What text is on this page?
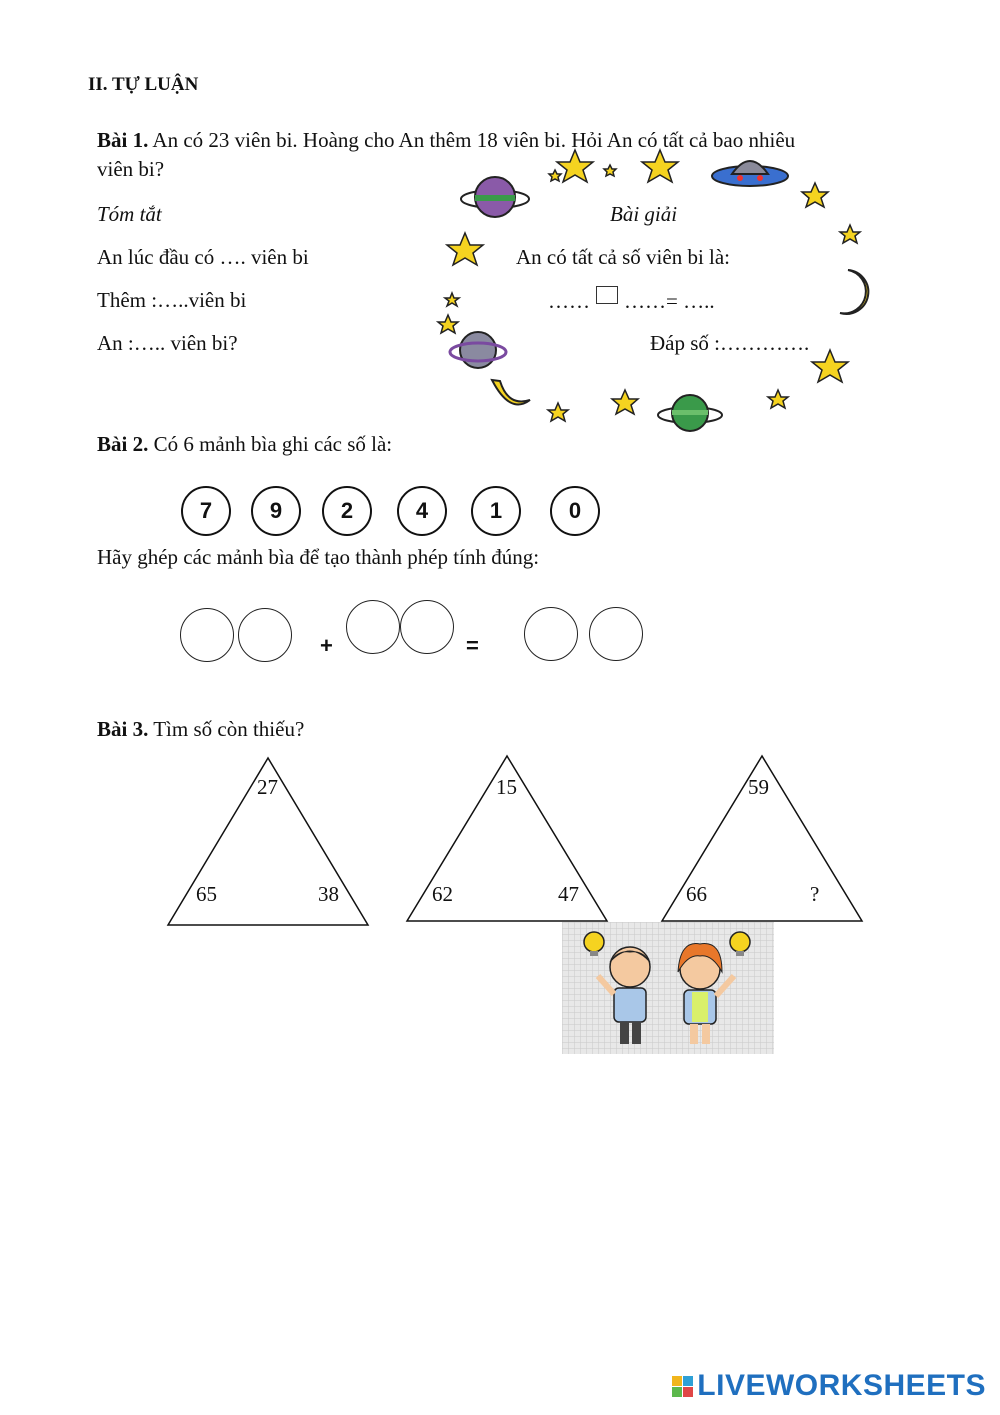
II. TỰ LUẬN
Bài 1. An có 23 viên bi. Hoàng cho An thêm 18 viên bi. Hỏi An có tất cả bao nhiêu
viên bi?
Tóm tắt	Bài giải
An lúc đầu có …. viên bi
Thêm :…..viên bi
An :….. viên bi?
An có tất cả số viên bi là:
…… ……= …..
Đáp số :………….
Bài 2. Có 6 mảnh bìa ghi các số là:
7	9	2	4	1	0
Hãy ghép các mảnh bìa để tạo thành phép tính đúng:
+	=
Bài 3. Tìm số còn thiếu?
27
65	38
15
62	47
59
66	?
LIVEWORKSHEETS
